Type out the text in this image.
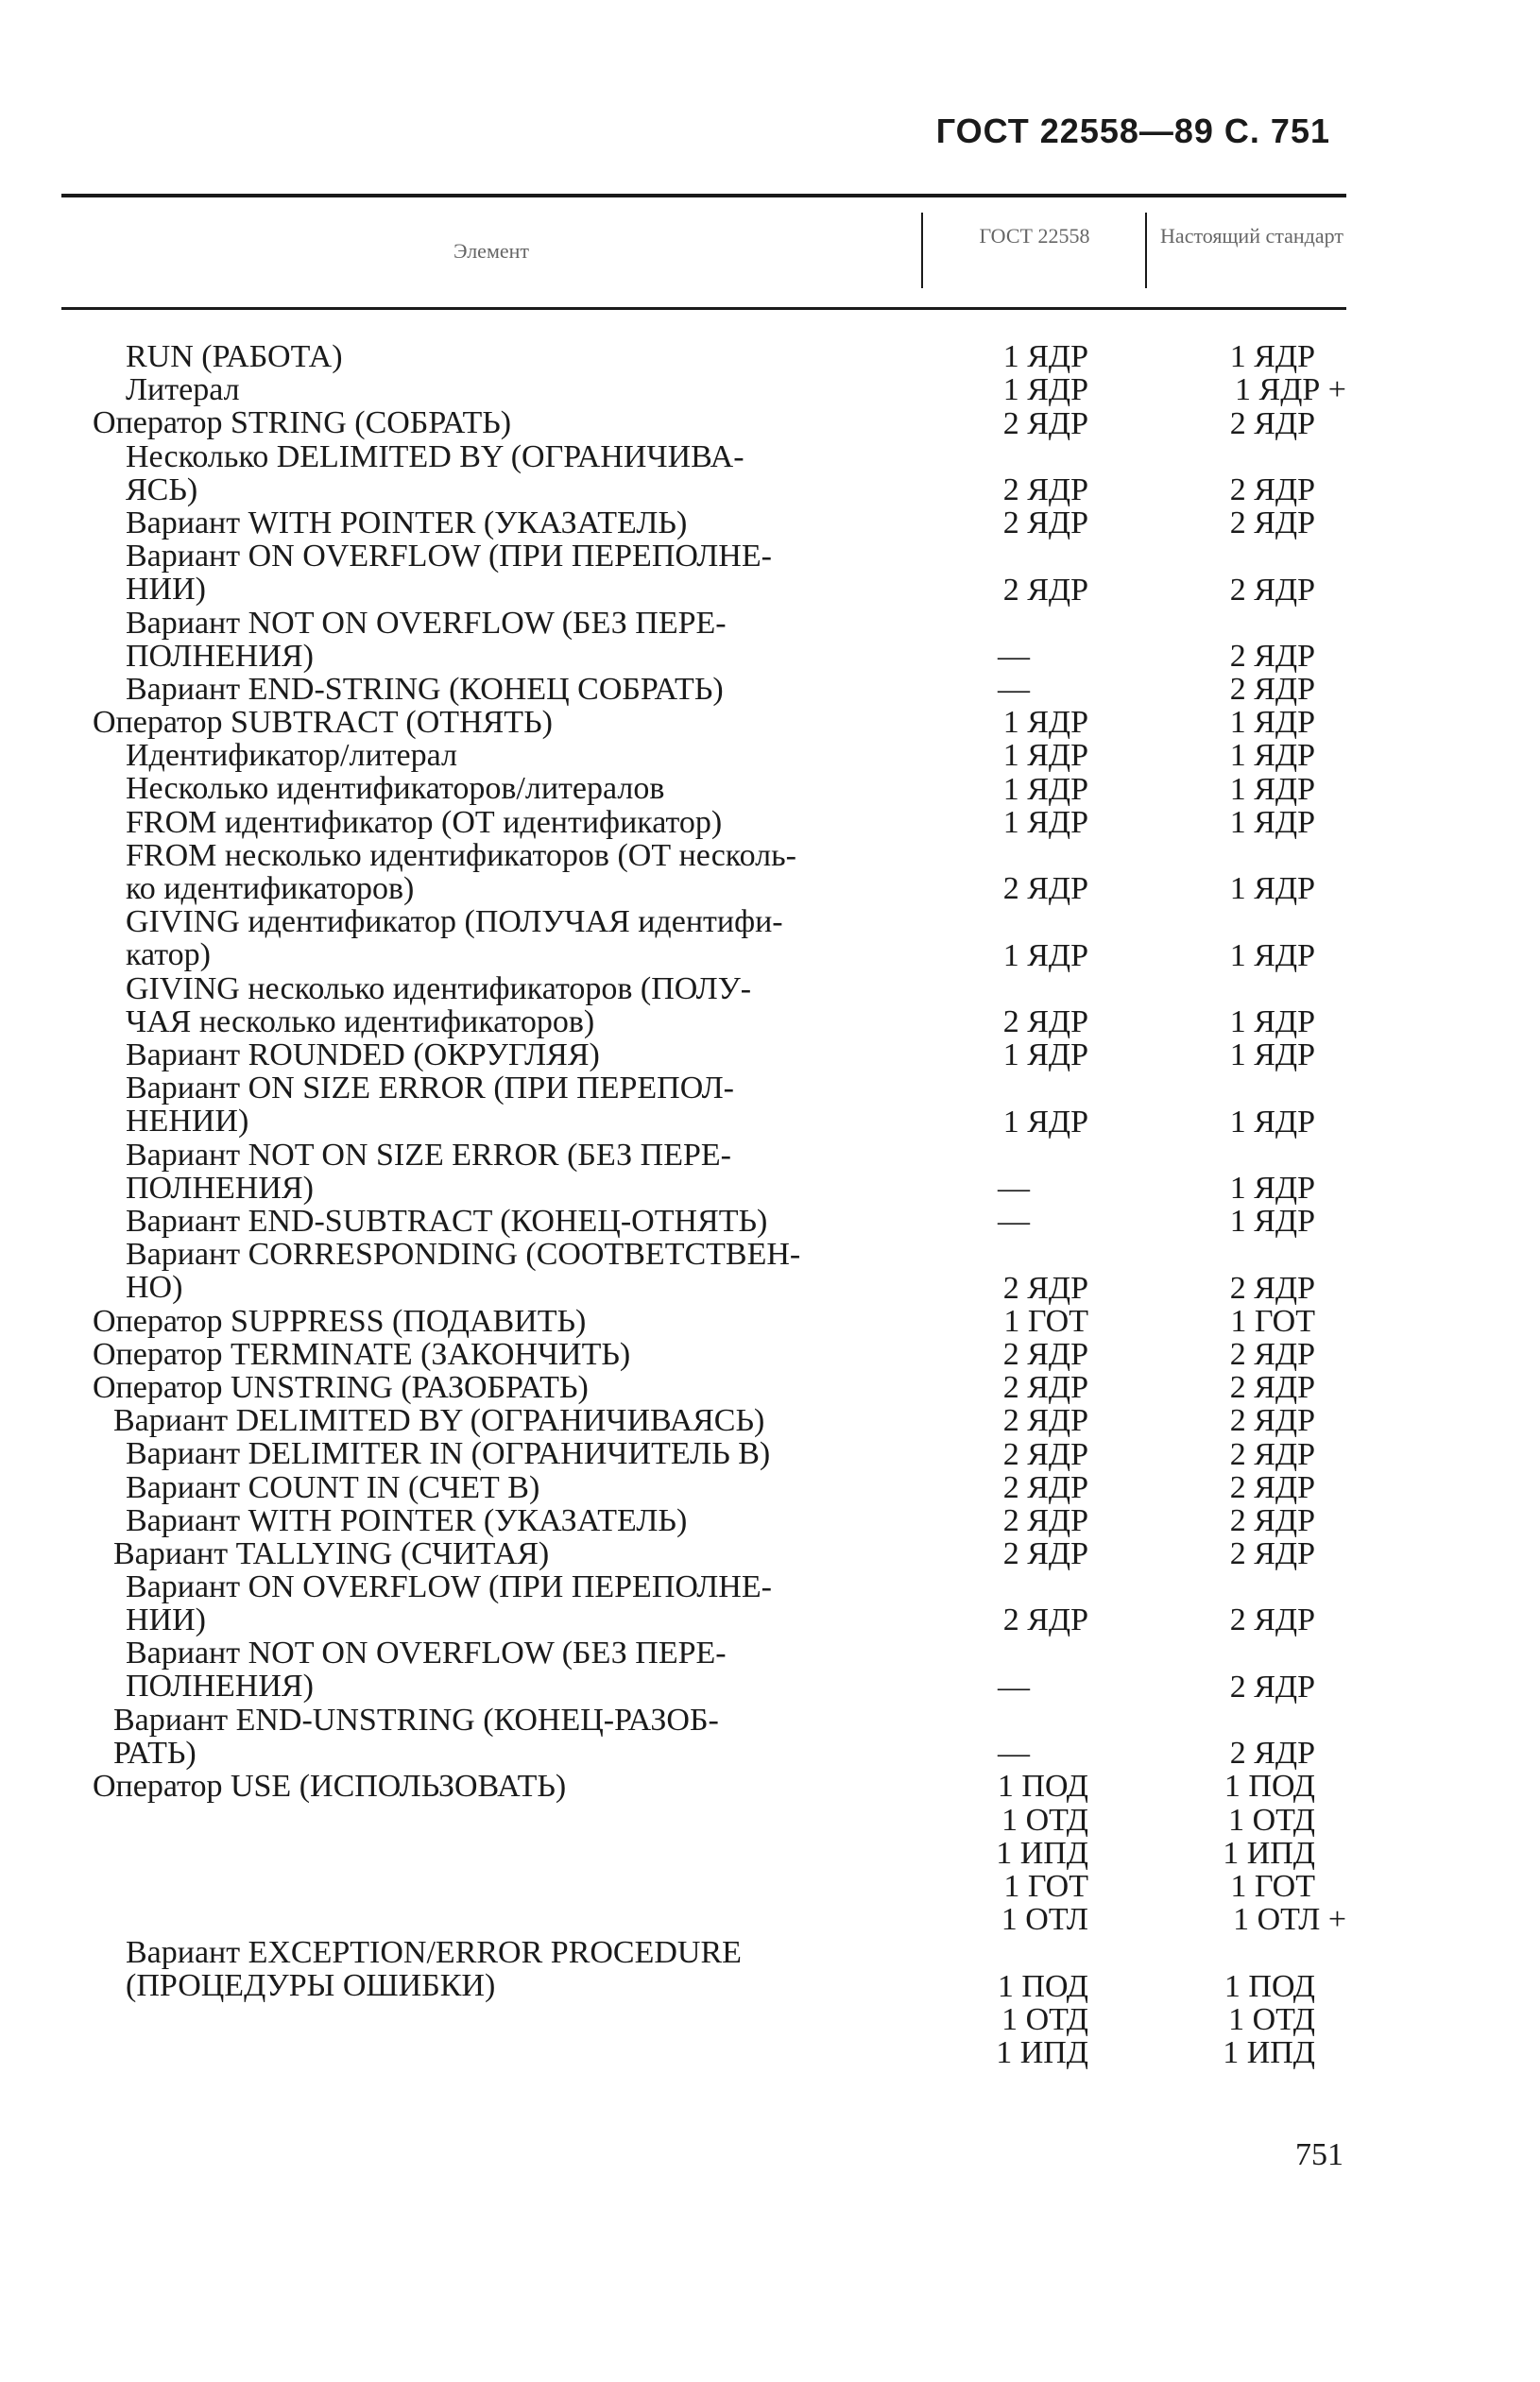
ГОСТ 22558—89 С. 751
Элемент
ГОСТ 22558	Настоящий стандарт
RUN (РАБОТА)	1 ЯДР	1 ЯДР
Литерал	1 ЯДР	1 ЯДР +
Оператор STRING (СОБРАТЬ)	2 ЯДР	2 ЯДР
Несколько DELIMITED BY (ОГРАНИЧИВА-
ЯСЬ)	2 ЯДР	2 ЯДР
Вариант WITH POINTER (УКАЗАТЕЛЬ)	2 ЯДР	2 ЯДР
Вариант ON OVERFLOW (ПРИ ПЕРЕПОЛНЕ-
НИИ)	2 ЯДР	2 ЯДР
Вариант NOT ON OVERFLOW (БЕЗ ПЕРЕ-
ПОЛНЕНИЯ)	—	2 ЯДР
Вариант END-STRING (КОНЕЦ СОБРАТЬ)	—	2 ЯДР
Оператор SUBTRACT (ОТНЯТЬ)	1 ЯДР	1 ЯДР
Идентификатор/литерал	1 ЯДР	1 ЯДР
Несколько идентификаторов/литералов	1 ЯДР	1 ЯДР
FROM идентификатор (ОТ идентификатор)	1 ЯДР	1 ЯДР
FROM несколько идентификаторов (ОТ несколь-
ко идентификаторов)	2 ЯДР	1 ЯДР
GIVING идентификатор (ПОЛУЧАЯ идентифи-
катор)	1 ЯДР	1 ЯДР
GIVING несколько идентификаторов (ПОЛУ-
ЧАЯ несколько идентификаторов)	2 ЯДР	1 ЯДР
Вариант ROUNDED (ОКРУГЛЯЯ)	1 ЯДР	1 ЯДР
Вариант ON SIZE ERROR (ПРИ ПЕРЕПОЛ-
НЕНИИ)	1 ЯДР	1 ЯДР
Вариант NOT ON SIZE ERROR (БЕЗ ПЕРЕ-
ПОЛНЕНИЯ)	—	1 ЯДР
Вариант END-SUBTRACT (КОНЕЦ-ОТНЯТЬ)	—	1 ЯДР
Вариант CORRESPONDING (СООТВЕТСТВЕН-
НО)	2 ЯДР	2 ЯДР
Оператор SUPPRESS (ПОДАВИТЬ)	1 ГОТ	1 ГОТ
Оператор TERMINATE (ЗАКОНЧИТЬ)	2 ЯДР	2 ЯДР
Оператор UNSTRING (РАЗОБРАТЬ)	2 ЯДР	2 ЯДР
Вариант DELIMITED BY (ОГРАНИЧИВАЯСЬ)	2 ЯДР	2 ЯДР
Вариант DELIMITER IN (ОГРАНИЧИТЕЛЬ В)	2 ЯДР	2 ЯДР
Вариант COUNT IN (СЧЕТ В)	2 ЯДР	2 ЯДР
Вариант WITH POINTER (УКАЗАТЕЛЬ)	2 ЯДР	2 ЯДР
Вариант TALLYING (СЧИТАЯ)	2 ЯДР	2 ЯДР
Вариант ON OVERFLOW (ПРИ ПЕРЕПОЛНЕ-
НИИ)	2 ЯДР	2 ЯДР
Вариант NOT ON OVERFLOW (БЕЗ ПЕРЕ-
ПОЛНЕНИЯ)	—	2 ЯДР
Вариант END-UNSTRING (КОНЕЦ-РАЗОБ-
РАТЬ)	—	2 ЯДР
Оператор USE (ИСПОЛЬЗОВАТЬ)	1 ПОД	1 ПОД
1 ОТД	1 ОТД
1 ИПД	1 ИПД
1 ГОТ	1 ГОТ
1 ОТЛ	1 ОТЛ +
Вариант EXCEPTION/ERROR PROCEDURE
(ПРОЦЕДУРЫ ОШИБКИ)	1 ПОД	1 ПОД
1 ОТД	1 ОТД
1 ИПД	1 ИПД
751
